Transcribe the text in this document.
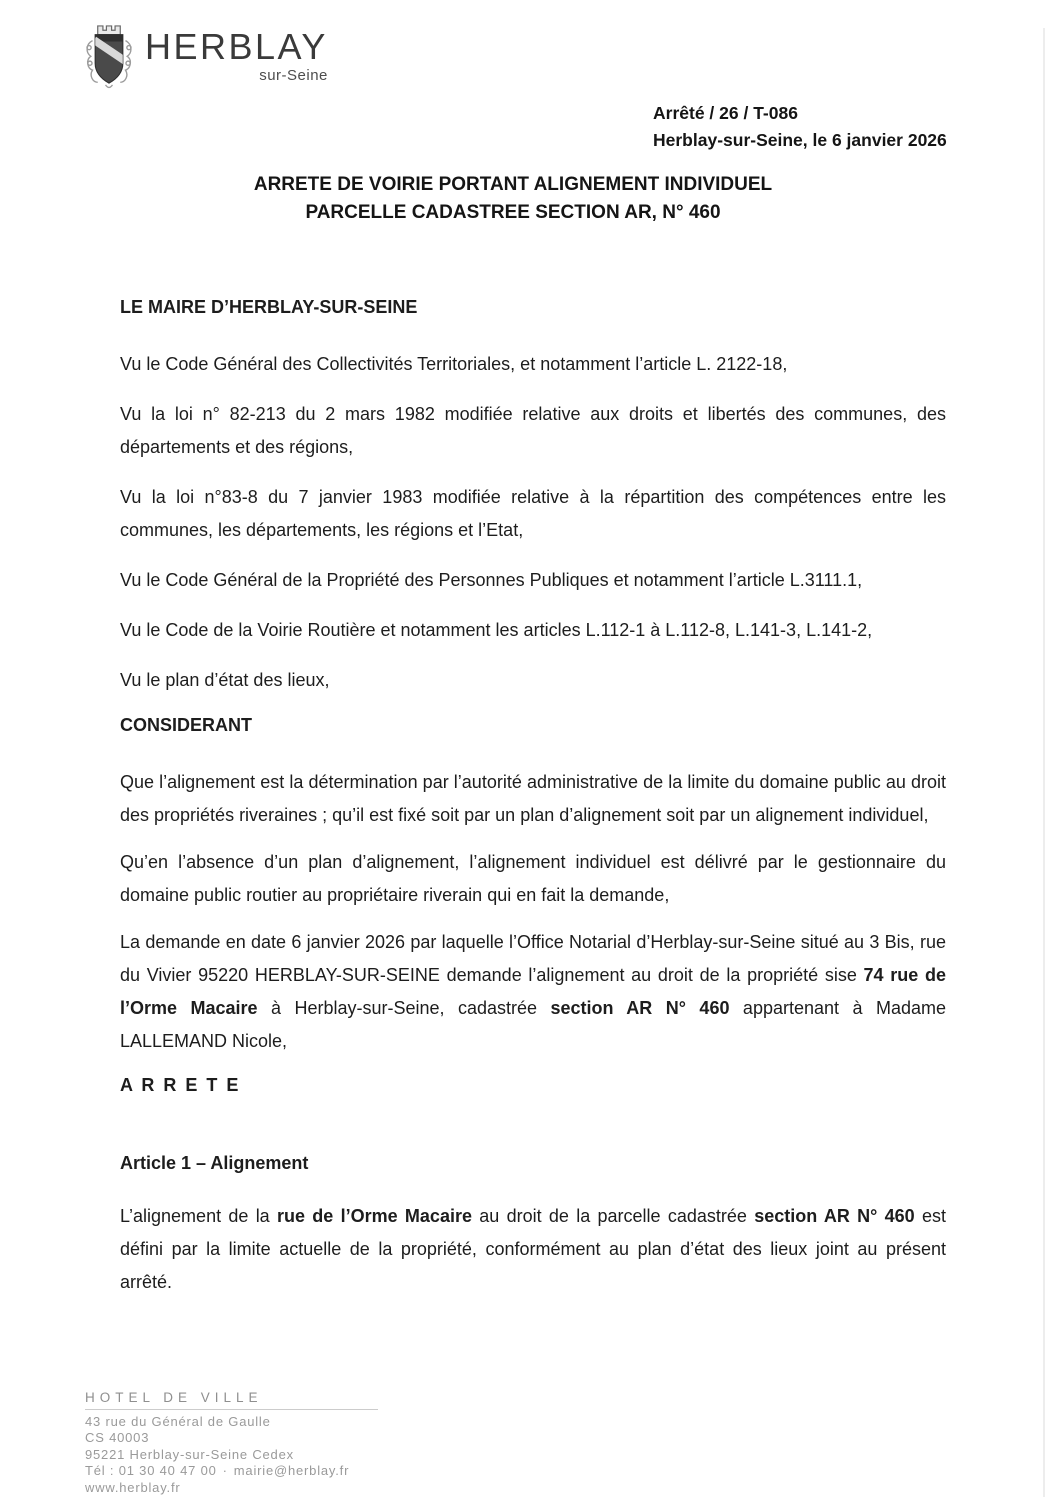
HERBLAY
sur-Seine
Arrêté / 26 / T-086
Herblay-sur-Seine, le 6 janvier 2026
ARRETE DE VOIRIE PORTANT ALIGNEMENT INDIVIDUEL
PARCELLE CADASTREE SECTION AR, N° 460

LE MAIRE D’HERBLAY-SUR-SEINE

Vu le Code Général des Collectivités Territoriales, et notamment l’article L. 2122-18,

Vu la loi n° 82-213 du 2 mars 1982 modifiée relative aux droits et libertés des communes, des départements et des régions,

Vu la loi n°83-8 du 7 janvier 1983 modifiée relative à la répartition des compétences entre les communes, les départements, les régions et l’Etat,

Vu le Code Général de la Propriété des Personnes Publiques et notamment l’article L.3111.1,

Vu le Code de la Voirie Routière et notamment les articles L.112-1 à L.112-8, L.141-3, L.141-2,

Vu le plan d’état des lieux,

CONSIDERANT

Que l’alignement est la détermination par l’autorité administrative de la limite du domaine public au droit des propriétés riveraines ; qu’il est fixé soit par un plan d’alignement soit par un alignement individuel,

Qu’en l’absence d’un plan d’alignement, l’alignement individuel est délivré par le gestionnaire du domaine public routier au propriétaire riverain qui en fait la demande,

La demande en date 6 janvier 2026 par laquelle l’Office Notarial d’Herblay-sur-Seine situé au 3 Bis, rue du Vivier 95220 HERBLAY-SUR-SEINE demande l’alignement au droit de la propriété sise 74 rue de l’Orme Macaire à Herblay-sur-Seine, cadastrée section AR N° 460 appartenant à Madame LALLEMAND Nicole,

A R R E T E

Article 1 – Alignement

L’alignement de la rue de l’Orme Macaire au droit de la parcelle cadastrée section AR N° 460 est défini par la limite actuelle de la propriété, conformément au plan d’état des lieux joint au présent arrêté.

HOTEL DE VILLE
43 rue du Général de Gaulle
CS 40003
95221 Herblay-sur-Seine Cedex
Tél : 01 30 40 47 00 · mairie@herblay.fr
www.herblay.fr
